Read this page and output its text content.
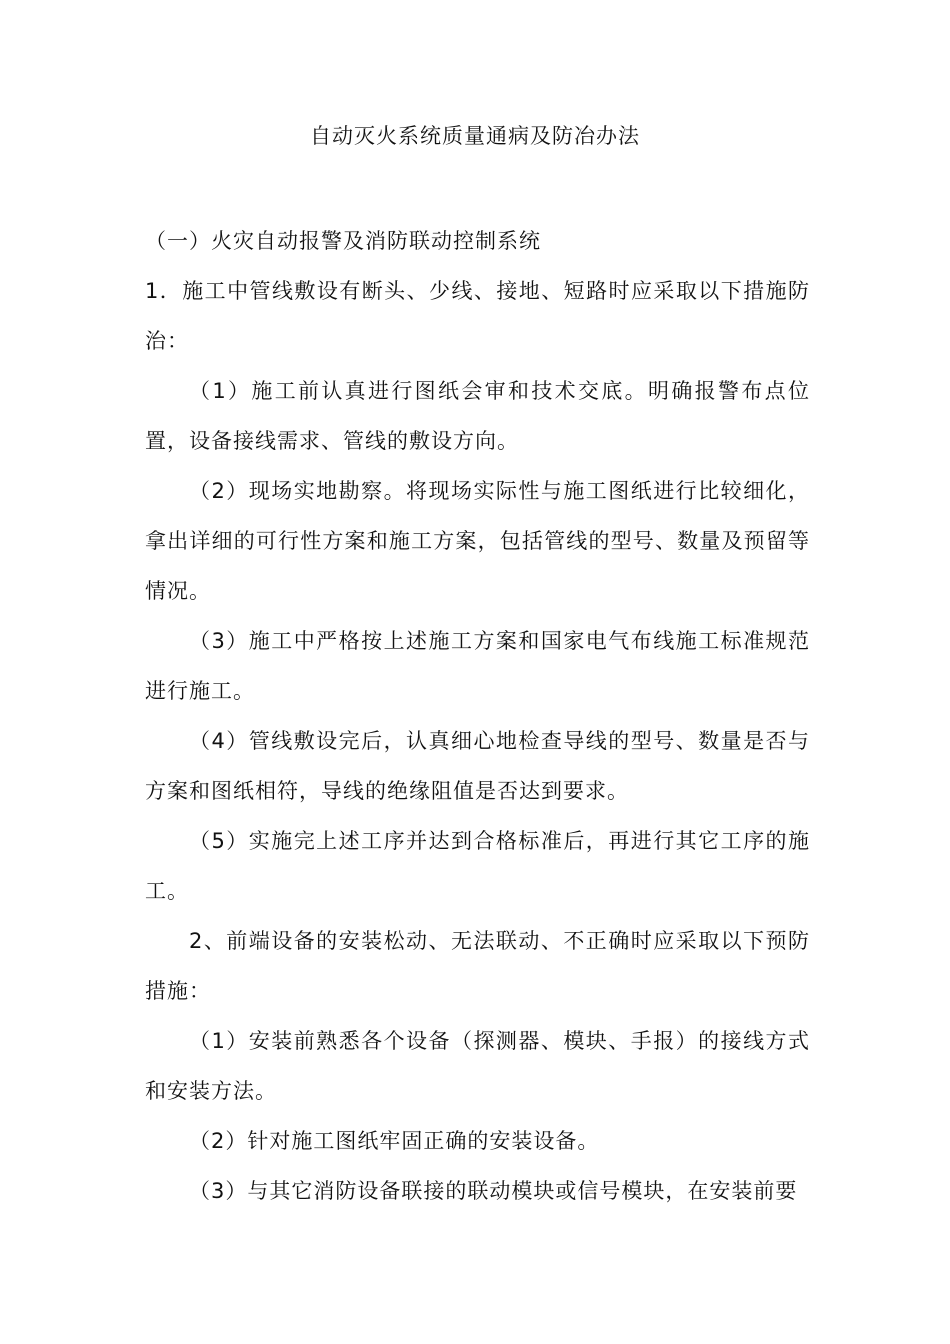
自动灭火系统质量通病及防冶办法

（一）火灾自动报警及消防联动控制系统

1．施工中管线敷设有断头、少线、接地、短路时应采取以下措施防治：

（1）施工前认真进行图纸会审和技术交底。明确报警布点位置，设备接线需求、管线的敷设方向。

（2）现场实地勘察。将现场实际性与施工图纸进行比较细化，拿出详细的可行性方案和施工方案，包括管线的型号、数量及预留等情况。

（3）施工中严格按上述施工方案和国家电气布线施工标准规范进行施工。

（4）管线敷设完后，认真细心地检查导线的型号、数量是否与方案和图纸相符，导线的绝缘阻值是否达到要求。

（5）实施完上述工序并达到合格标准后，再进行其它工序的施工。

2、前端设备的安装松动、无法联动、不正确时应采取以下预防措施：

（1）安装前熟悉各个设备（探测器、模块、手报）的接线方式和安装方法。

（2）针对施工图纸牢固正确的安装设备。

（3）与其它消防设备联接的联动模块或信号模块，在安装前要
